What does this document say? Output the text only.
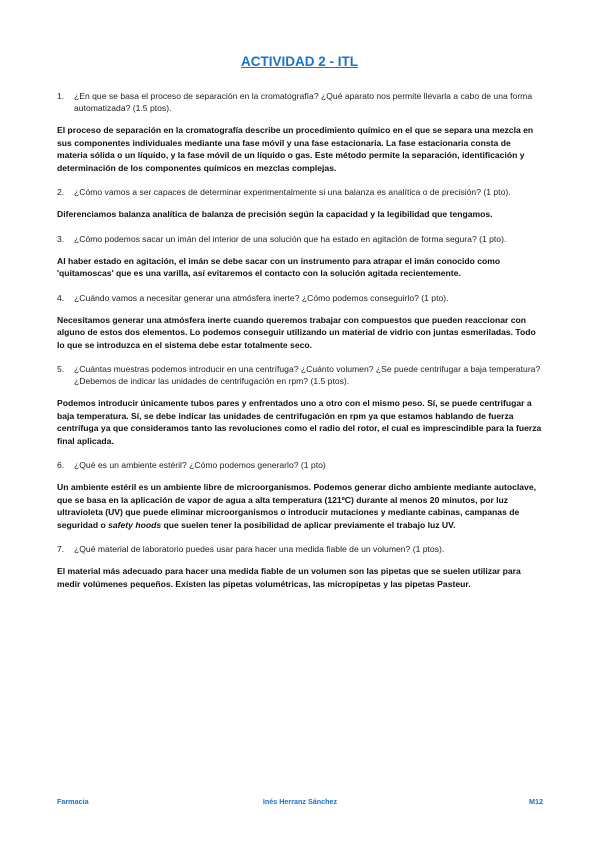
ACTIVIDAD 2 - ITL
1. ¿En que se basa el proceso de separación en la cromatografía? ¿Qué aparato nos permite llevarla a cabo de una forma automatizada? (1.5 ptos).
El proceso de separación en la cromatografía describe un procedimiento químico en el que se separa una mezcla en sus componentes individuales mediante una fase móvil y una fase estacionaria. La fase estacionaria consta de materia sólida o un líquido, y la fase móvil de un líquido o gas. Este método permite la separación, identificación y determinación de los componentes químicos en mezclas complejas.
2. ¿Cómo vamos a ser capaces de determinar experimentalmente si una balanza es analítica o de precisión? (1 pto).
Diferenciamos balanza analítica de balanza de precisión según la capacidad y la legibilidad que tengamos.
3. ¿Cómo podemos sacar un imán del interior de una solución que ha estado en agitación de forma segura? (1 pto).
Al haber estado en agitación, el imán se debe sacar con un instrumento para atrapar el imán conocido como 'quitamoscas' que es una varilla, así evitaremos el contacto con la solución agitada recientemente.
4. ¿Cuándo vamos a necesitar generar una atmósfera inerte? ¿Cómo podemos conseguirlo? (1 pto).
Necesitamos generar una atmósfera inerte cuando queremos trabajar con compuestos que pueden reaccionar con alguno de estos dos elementos. Lo podemos conseguir utilizando un material de vidrio con juntas esmeriladas. Todo lo que se introduzca en el sistema debe estar totalmente seco.
5. ¿Cuántas muestras podemos introducir en una centrífuga? ¿Cuánto volumen? ¿Se puede centrifugar a baja temperatura? ¿Debemos de indicar las unidades de centrifugación en rpm? (1.5 ptos).
Podemos introducir únicamente tubos pares y enfrentados uno a otro con el mismo peso. Sí, se puede centrifugar a baja temperatura. Sí, se debe indicar las unidades de centrifugación en rpm ya que estamos hablando de fuerza centrífuga ya que consideramos tanto las revoluciones como el radio del rotor, el cual es imprescindible para la fuerza final aplicada.
6. ¿Qué es un ambiente estéril? ¿Cómo podemos generarlo? (1 pto)
Un ambiente estéril es un ambiente libre de microorganismos. Podemos generar dicho ambiente mediante autoclave, que se basa en la aplicación de vapor de agua a alta temperatura (121ºC) durante al menos 20 minutos, por luz ultravioleta (UV) que puede eliminar microorganismos o introducir mutaciones y mediante cabinas, campanas de seguridad o safety hoods que suelen tener la posibilidad de aplicar previamente el trabajo luz UV.
7. ¿Qué material de laboratorio puedes usar para hacer una medida fiable de un volumen? (1 ptos).
El material más adecuado para hacer una medida fiable de un volumen son las pipetas que se suelen utilizar para medir volúmenes pequeños. Existen las pipetas volumétricas, las micropipetas y las pipetas Pasteur.
Farmacia	Inés Herranz Sánchez	M12
